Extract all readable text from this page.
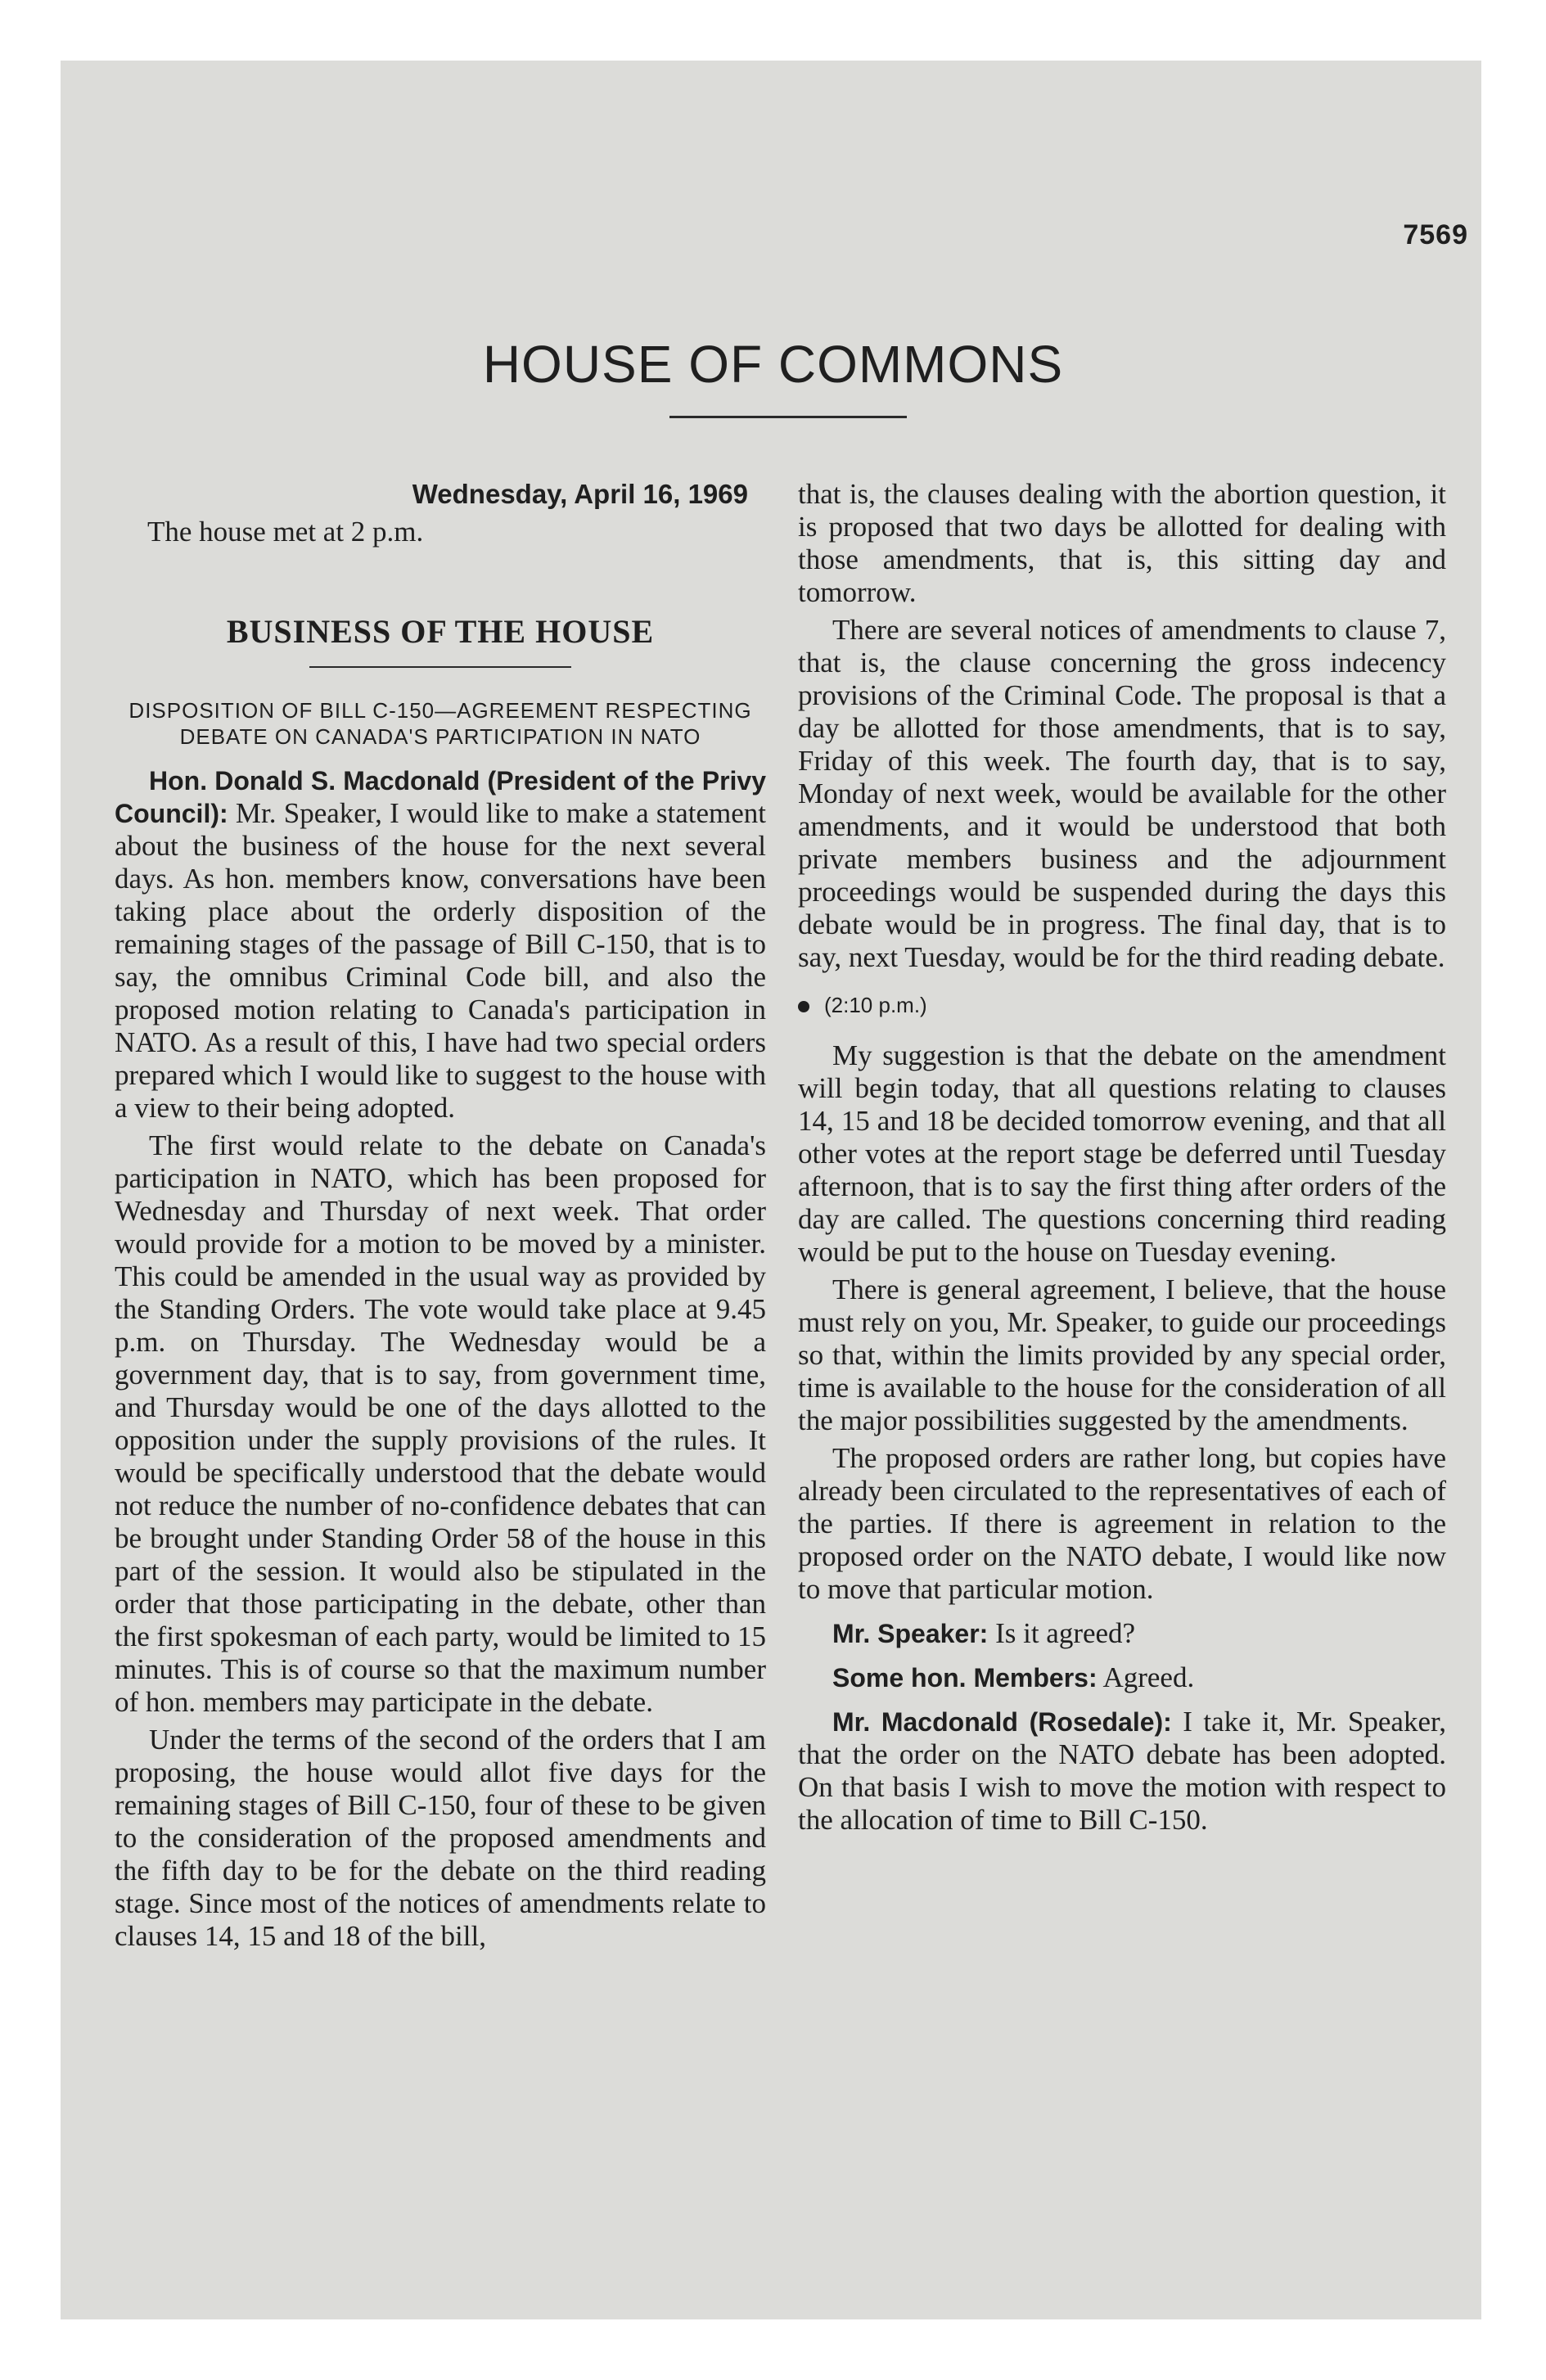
7569
HOUSE OF COMMONS

Wednesday, April 16, 1969

The house met at 2 p.m.

BUSINESS OF THE HOUSE
DISPOSITION OF BILL C-150—AGREEMENT RESPECTING DEBATE ON CANADA'S PARTICIPATION IN NATO

Hon. Donald S. Macdonald (President of the Privy Council): Mr. Speaker, I would like to make a statement about the business of the house for the next several days. As hon. members know, conversations have been taking place about the orderly disposition of the remaining stages of the passage of Bill C-150, that is to say, the omnibus Criminal Code bill, and also the proposed motion relating to Canada's participation in NATO. As a result of this, I have had two special orders prepared which I would like to suggest to the house with a view to their being adopted.

The first would relate to the debate on Canada's participation in NATO, which has been proposed for Wednesday and Thursday of next week. That order would provide for a motion to be moved by a minister. This could be amended in the usual way as provided by the Standing Orders. The vote would take place at 9.45 p.m. on Thursday. The Wednesday would be a government day, that is to say, from government time, and Thursday would be one of the days allotted to the opposition under the supply provisions of the rules. It would be specifically understood that the debate would not reduce the number of no-confidence debates that can be brought under Standing Order 58 of the house in this part of the session. It would also be stipulated in the order that those participating in the debate, other than the first spokesman of each party, would be limited to 15 minutes. This is of course so that the maximum number of hon. members may participate in the debate.

Under the terms of the second of the orders that I am proposing, the house would allot five days for the remaining stages of Bill C-150, four of these to be given to the consideration of the proposed amendments and the fifth day to be for the debate on the third reading stage. Since most of the notices of amendments relate to clauses 14, 15 and 18 of the bill,

that is, the clauses dealing with the abortion question, it is proposed that two days be allotted for dealing with those amendments, that is, this sitting day and tomorrow.

There are several notices of amendments to clause 7, that is, the clause concerning the gross indecency provisions of the Criminal Code. The proposal is that a day be allotted for those amendments, that is to say, Friday of this week. The fourth day, that is to say, Monday of next week, would be available for the other amendments, and it would be understood that both private members business and the adjournment proceedings would be suspended during the days this debate would be in progress. The final day, that is to say, next Tuesday, would be for the third reading debate.

(2:10 p.m.)

My suggestion is that the debate on the amendment will begin today, that all questions relating to clauses 14, 15 and 18 be decided tomorrow evening, and that all other votes at the report stage be deferred until Tuesday afternoon, that is to say the first thing after orders of the day are called. The questions concerning third reading would be put to the house on Tuesday evening.

There is general agreement, I believe, that the house must rely on you, Mr. Speaker, to guide our proceedings so that, within the limits provided by any special order, time is available to the house for the consideration of all the major possibilities suggested by the amendments.

The proposed orders are rather long, but copies have already been circulated to the representatives of each of the parties. If there is agreement in relation to the proposed order on the NATO debate, I would like now to move that particular motion.

Mr. Speaker: Is it agreed?

Some hon. Members: Agreed.

Mr. Macdonald (Rosedale): I take it, Mr. Speaker, that the order on the NATO debate has been adopted. On that basis I wish to move the motion with respect to the allocation of time to Bill C-150.
